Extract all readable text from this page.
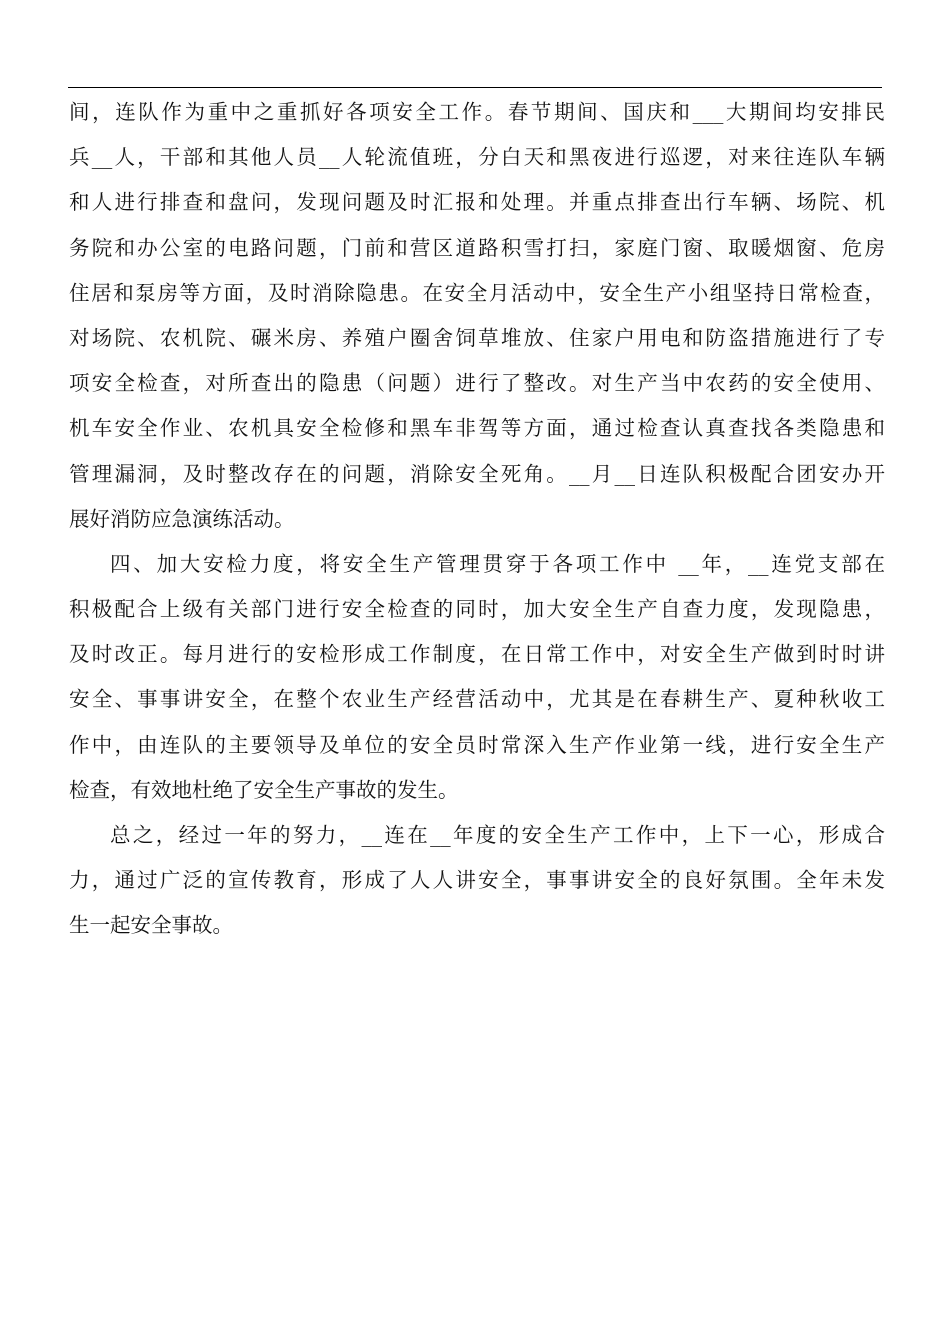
间，连队作为重中之重抓好各项安全工作。春节期间、国庆和___大期间均安排民

兵__人，干部和其他人员__人轮流值班，分白天和黑夜进行巡逻，对来往连队车辆

和人进行排查和盘问，发现问题及时汇报和处理。并重点排查出行车辆、场院、机

务院和办公室的电路问题，门前和营区道路积雪打扫，家庭门窗、取暖烟窗、危房

住居和泵房等方面，及时消除隐患。在安全月活动中，安全生产小组坚持日常检查，

对场院、农机院、碾米房、养殖户圈舍饲草堆放、住家户用电和防盗措施进行了专

项安全检查，对所查出的隐患（问题）进行了整改。对生产当中农药的安全使用、

机车安全作业、农机具安全检修和黑车非驾等方面，通过检查认真查找各类隐患和

管理漏洞，及时整改存在的问题，消除安全死角。__月__日连队积极配合团安办开

展好消防应急演练活动。

四、加大安检力度，将安全生产管理贯穿于各项工作中 __年，__连党支部在

积极配合上级有关部门进行安全检查的同时，加大安全生产自查力度，发现隐患，

及时改正。每月进行的安检形成工作制度，在日常工作中，对安全生产做到时时讲

安全、事事讲安全，在整个农业生产经营活动中，尤其是在春耕生产、夏种秋收工

作中，由连队的主要领导及单位的安全员时常深入生产作业第一线，进行安全生产

检查，有效地杜绝了安全生产事故的发生。

总之，经过一年的努力，__连在__年度的安全生产工作中，上下一心，形成合

力，通过广泛的宣传教育，形成了人人讲安全，事事讲安全的良好氛围。全年未发

生一起安全事故。
